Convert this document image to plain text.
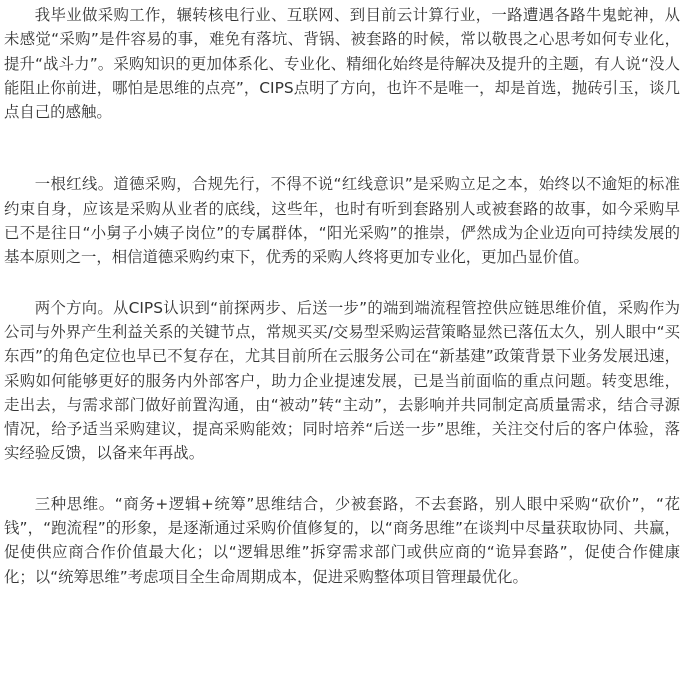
我毕业做采购工作，辗转核电行业、互联网、到目前云计算行业，一路遭遇各路牛鬼蛇神，从未感觉“采购”是件容易的事，难免有落坑、背锅、被套路的时候，常以敬畏之心思考如何专业化，提升“战斗力”。采购知识的更加体系化、专业化、精细化始终是待解决及提升的主题，有人说“没人能阻止你前进，哪怕是思维的点亮”，CIPS点明了方向，也许不是唯一，却是首选，抛砖引玉，谈几点自己的感触。

一根红线。道德采购，合规先行，不得不说“红线意识”是采购立足之本，始终以不逾矩的标准约束自身，应该是采购从业者的底线，这些年，也时有听到套路别人或被套路的故事，如今采购早已不是往日“小舅子小姨子岗位”的专属群体，“阳光采购”的推崇，俨然成为企业迈向可持续发展的基本原则之一，相信道德采购约束下，优秀的采购人终将更加专业化，更加凸显价值。

两个方向。从CIPS认识到“前探两步、后送一步”的端到端流程管控供应链思维价值，采购作为公司与外界产生利益关系的关键节点，常规买买/交易型采购运营策略显然已落伍太久，别人眼中“买东西”的角色定位也早已不复存在，尤其目前所在云服务公司在“新基建”政策背景下业务发展迅速，采购如何能够更好的服务内外部客户，助力企业提速发展，已是当前面临的重点问题。转变思维，走出去，与需求部门做好前置沟通，由“被动”转“主动”，去影响并共同制定高质量需求，结合寻源情况，给予适当采购建议，提高采购能效；同时培养“后送一步”思维，关注交付后的客户体验，落实经验反馈，以备来年再战。

三种思维。“商务+逻辑+统筹”思维结合，少被套路，不去套路，别人眼中采购“砍价”，“花钱”，“跑流程”的形象，是逐渐通过采购价值修复的，以“商务思维”在谈判中尽量获取协同、共赢，促使供应商合作价值最大化；以“逻辑思维”拆穿需求部门或供应商的“诡异套路”，促使合作健康化；以“统筹思维”考虑项目全生命周期成本，促进采购整体项目管理最优化。
